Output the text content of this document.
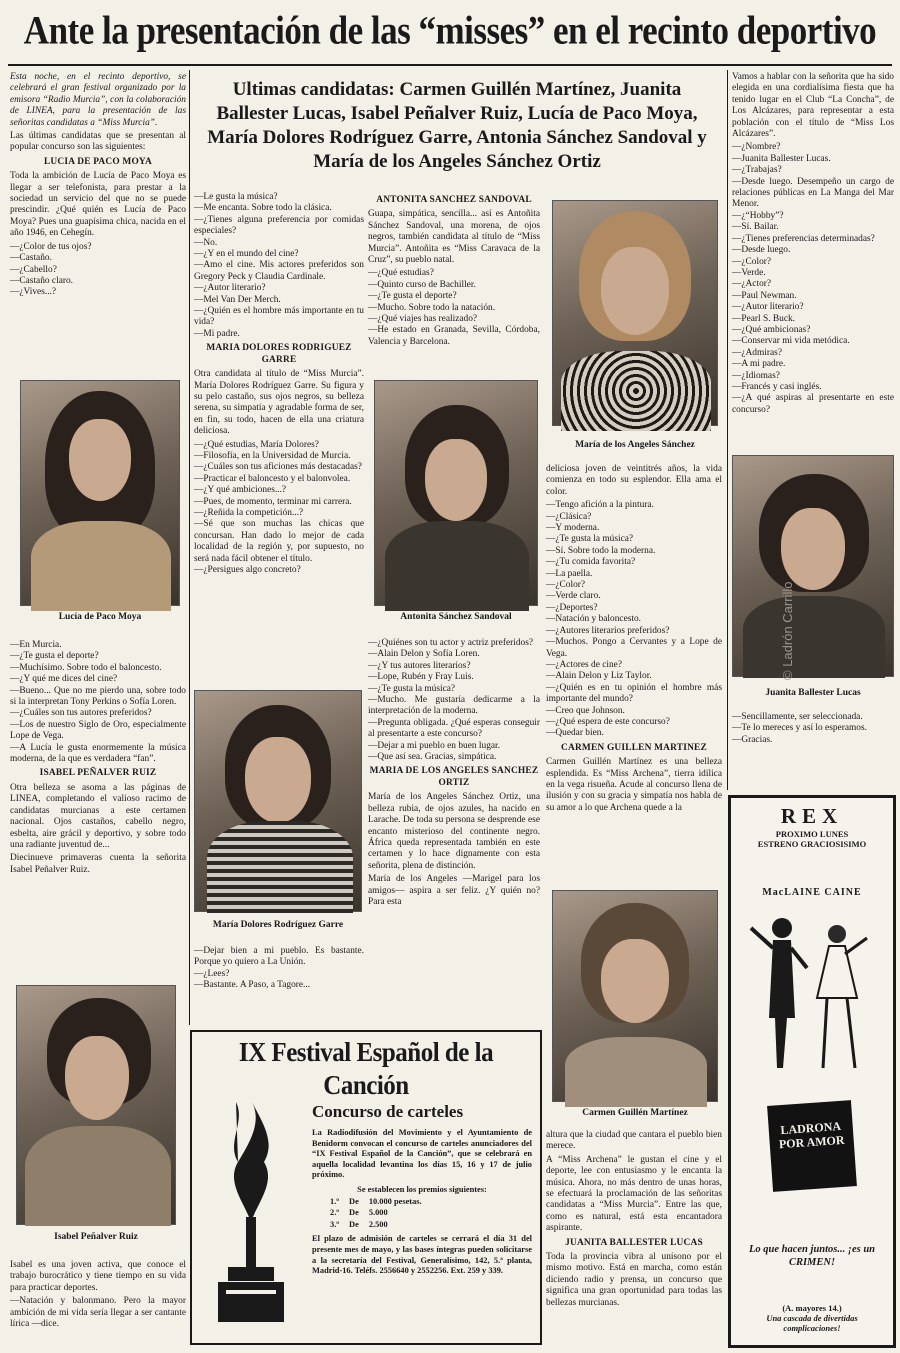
Ante la presentación de las “misses” en el recinto deportivo
Ultimas candidatas: Carmen Guillén Martínez, Juanita Ballester Lucas, Isabel Peñalver Ruiz, Lucía de Paco Moya, María Dolores Rodríguez Garre, Antonia Sánchez Sandoval y María de los Angeles Sánchez Ortiz

Esta noche, en el recinto deportivo, se celebrará el gran festival organizado por la emisora “Radio Murcia”, con la colaboración de LINEA, para la presentación de las señoritas candidatas a “Miss Murcia”.

Las últimas candidatas que se presentan al popular concurso son las siguientes:

LUCIA DE PACO MOYA

Toda la ambición de Lucía de Paco Moya es llegar a ser telefonista, para prestar a la sociedad un servicio del que no se puede prescindir. ¿Qué quién es Lucía de Paco Moya? Pues una guapísima chica, nacida en el año 1946, en Cehegín.

—¿Color de tus ojos?
—Castaño.
—¿Cabello?
—Castaño claro.
—¿Vives...?

Lucía de Paco Moya

—En Murcia.
—¿Te gusta el deporte?
—Muchísimo. Sobre todo el baloncesto.
—¿Y qué me dices del cine?
—Bueno... Que no me pierdo una, sobre todo si la interpretan Tony Perkins o Sofía Loren.
—¿Cuáles son tus autores preferidos?
—Los de nuestro Siglo de Oro, especialmente Lope de Vega.
—A Lucía le gusta enormemente la música moderna, de la que es verdadera “fan”.

ISABEL PEÑALVER RUIZ

Otra belleza se asoma a las páginas de LINEA, completando el valioso racimo de candidatas murcianas a este certamen nacional. Ojos castaños, cabello negro, esbelta, aire grácil y deportivo, y sobre todo una radiante juventud de...

Diecinueve primaveras cuenta la señorita Isabel Peñalver Ruiz.

Isabel Peñalver Ruiz

Isabel es una joven activa, que conoce el trabajo burocrático y tiene tiempo en su vida para practicar deportes.

—Natación y balonmano. Pero la mayor ambición de mi vida sería llegar a ser cantante lírica —dice.

—Le gusta la música?
—Me encanta. Sobre todo la clásica.
—¿Tienes alguna preferencia por comidas especiales?
—No.
—¿Y en el mundo del cine?
—Amo el cine. Mis actores preferidos son Gregory Peck y Claudia Cardinale.
—¿Autor literario?
—Mel Van Der Merch.
—¿Quién es el hombre más importante en tu vida?
—Mi padre.

MARIA DOLORES RODRIGUEZ GARRE

Otra candidata al título de “Miss Murcia”. María Dolores Rodríguez Garre. Su figura y su pelo castaño, sus ojos negros, su belleza serena, su simpatía y agradable forma de ser, en fin, su todo, hacen de ella una criatura deliciosa.

—¿Qué estudias, María Dolores?
—Filosofía, en la Universidad de Murcia.
—¿Cuáles son tus aficiones más destacadas?
—Practicar el baloncesto y el balonvolea.
—¿Y qué ambiciones...?
—Pues, de momento, terminar mi carrera.
—¿Reñida la competición...?
—Sé que son muchas las chicas que concursan. Han dado lo mejor de cada localidad de la región y, por supuesto, no será nada fácil obtener el título.
—¿Persigues algo concreto?

María Dolores Rodríguez Garre

—Dejar bien a mi pueblo. Es bastante. Porque yo quiero a La Unión.
—¿Lees?
—Bastante. A Paso, a Tagore...

ANTONITA SANCHEZ SANDOVAL

Guapa, simpática, sencilla... así es Antoñita Sánchez Sandoval, una morena, de ojos negros, también candidata al título de “Miss Murcia”. Antoñita es “Miss Caravaca de la Cruz”, su pueblo natal.

—¿Qué estudias?
—Quinto curso de Bachiller.
—¿Te gusta el deporte?
—Mucho. Sobre todo la natación.
—¿Qué viajes has realizado?
—He estado en Granada, Sevilla, Córdoba, Valencia y Barcelona.

Antonita Sánchez Sandoval

—¿Quiénes son tu actor y actriz preferidos?
—Alain Delon y Sofía Loren.
—¿Y tus autores literarios?
—Lope, Rubén y Fray Luis.
—¿Te gusta la música?
—Mucho. Me gustaría dedicarme a la interpretación de la moderna.
—Pregunta obligada. ¿Qué esperas conseguir al presentarte a este concurso?
—Dejar a mi pueblo en buen lugar.
—Que así sea. Gracias, simpática.

MARIA DE LOS ANGELES SANCHEZ ORTIZ

María de los Angeles Sánchez Ortiz, una belleza rubia, de ojos azules, ha nacido en Larache. De toda su persona se desprende ese encanto misterioso del continente negro. África queda representada también en este certamen y lo hace dignamente con esta señorita, plena de distinción.

María de los Angeles —Marigel para los amigos— aspira a ser feliz. ¿Y quién no? Para esta

IX Festival Español de la Canción
Concurso de carteles

La Radiodifusión del Movimiento y el Ayuntamiento de Benidorm convocan el concurso de carteles anunciadores del “IX Festival Español de la Canción”, que se celebrará en aquella localidad levantina los días 15, 16 y 17 de julio próximo.

Se establecen los premios siguientes:

1.º De 10.000 pesetas.
2.º De 5.000
3.º De 2.500

El plazo de admisión de carteles se cerrará el día 31 del presente mes de mayo, y las bases íntegras pueden solicitarse a la secretaría del Festival, Generalísimo, 142, 5.ª planta, Madrid-16. Teléfs. 2556640 y 2552256. Ext. 259 y 339.

María de los Angeles Sánchez

deliciosa joven de veintitrés años, la vida comienza en todo su esplendor. Ella ama el color.

—Tengo afición a la pintura.
—¿Clásica?
—Y moderna.
—¿Te gusta la música?
—Sí. Sobre todo la moderna.
—¿Tu comida favorita?
—La paella.
—¿Color?
—Verde claro.
—¿Deportes?
—Natación y baloncesto.
—¿Autores literarios preferidos?
—Muchos. Pongo a Cervantes y a Lope de Vega.
—¿Actores de cine?
—Alain Delon y Liz Taylor.
—¿Quién es en tu opinión el hombre más importante del mundo?
—Creo que Johnson.
—¿Qué espera de este concurso?
—Quedar bien.

CARMEN GUILLEN MARTINEZ

Carmen Guillén Martínez es una belleza esplendida. Es “Miss Archena”, tierra idílica en la vega risueña. Acude al concurso llena de ilusión y con su gracia y simpatía nos habla de su amor a lo que Archena quede a la

Carmen Guillén Martínez

altura que la ciudad que cantara el pueblo bien merece.

A “Miss Archena” le gustan el cine y el deporte, lee con entusiasmo y le encanta la música. Ahora, no más dentro de unas horas, se efectuará la proclamación de las señoritas candidatas a “Miss Murcia”. Entre las que, como es natural, está esta encantadora aspirante.

JUANITA BALLESTER LUCAS

Toda la provincia vibra al unísono por el mismo motivo. Está en marcha, como están diciendo radio y prensa, un concurso que significa una gran oportunidad para todas las bellezas murcianas.

Vamos a hablar con la señorita que ha sido elegida en una cordialísima fiesta que ha tenido lugar en el Club “La Concha”, de Los Alcázares, para representar a esta población con el título de “Miss Los Alcázares”.

—¿Nombre?
—Juanita Ballester Lucas.
—¿Trabajas?
—Desde luego. Desempeño un cargo de relaciones públicas en La Manga del Mar Menor.
—¿“Hobby”?
—Sí. Bailar.
—¿Tienes preferencias determinadas?
—Desde luego.
—¿Color?
—Verde.
—¿Actor?
—Paul Newman.
—¿Autor literario?
—Pearl S. Buck.
—¿Qué ambicionas?
—Conservar mi vida metódica.
—¿Admiras?
—A mi padre.
—¿Idiomas?
—Francés y casi inglés.
—¿A qué aspiras al presentarte en este concurso?

Juanita Ballester Lucas

—Sencillamente, ser seleccionada.
—Te lo mereces y así lo esperamos.
—Gracias.

REX
PROXIMO LUNES
ESTRENO GRACIOSISIMO
MacLAINE CAINE
LADRONA POR AMOR
Lo que hacen juntos... ¡es un CRIMEN!
(A. mayores 14.)
Una cascada de divertidas complicaciones!
© Ladrón Carrillo
